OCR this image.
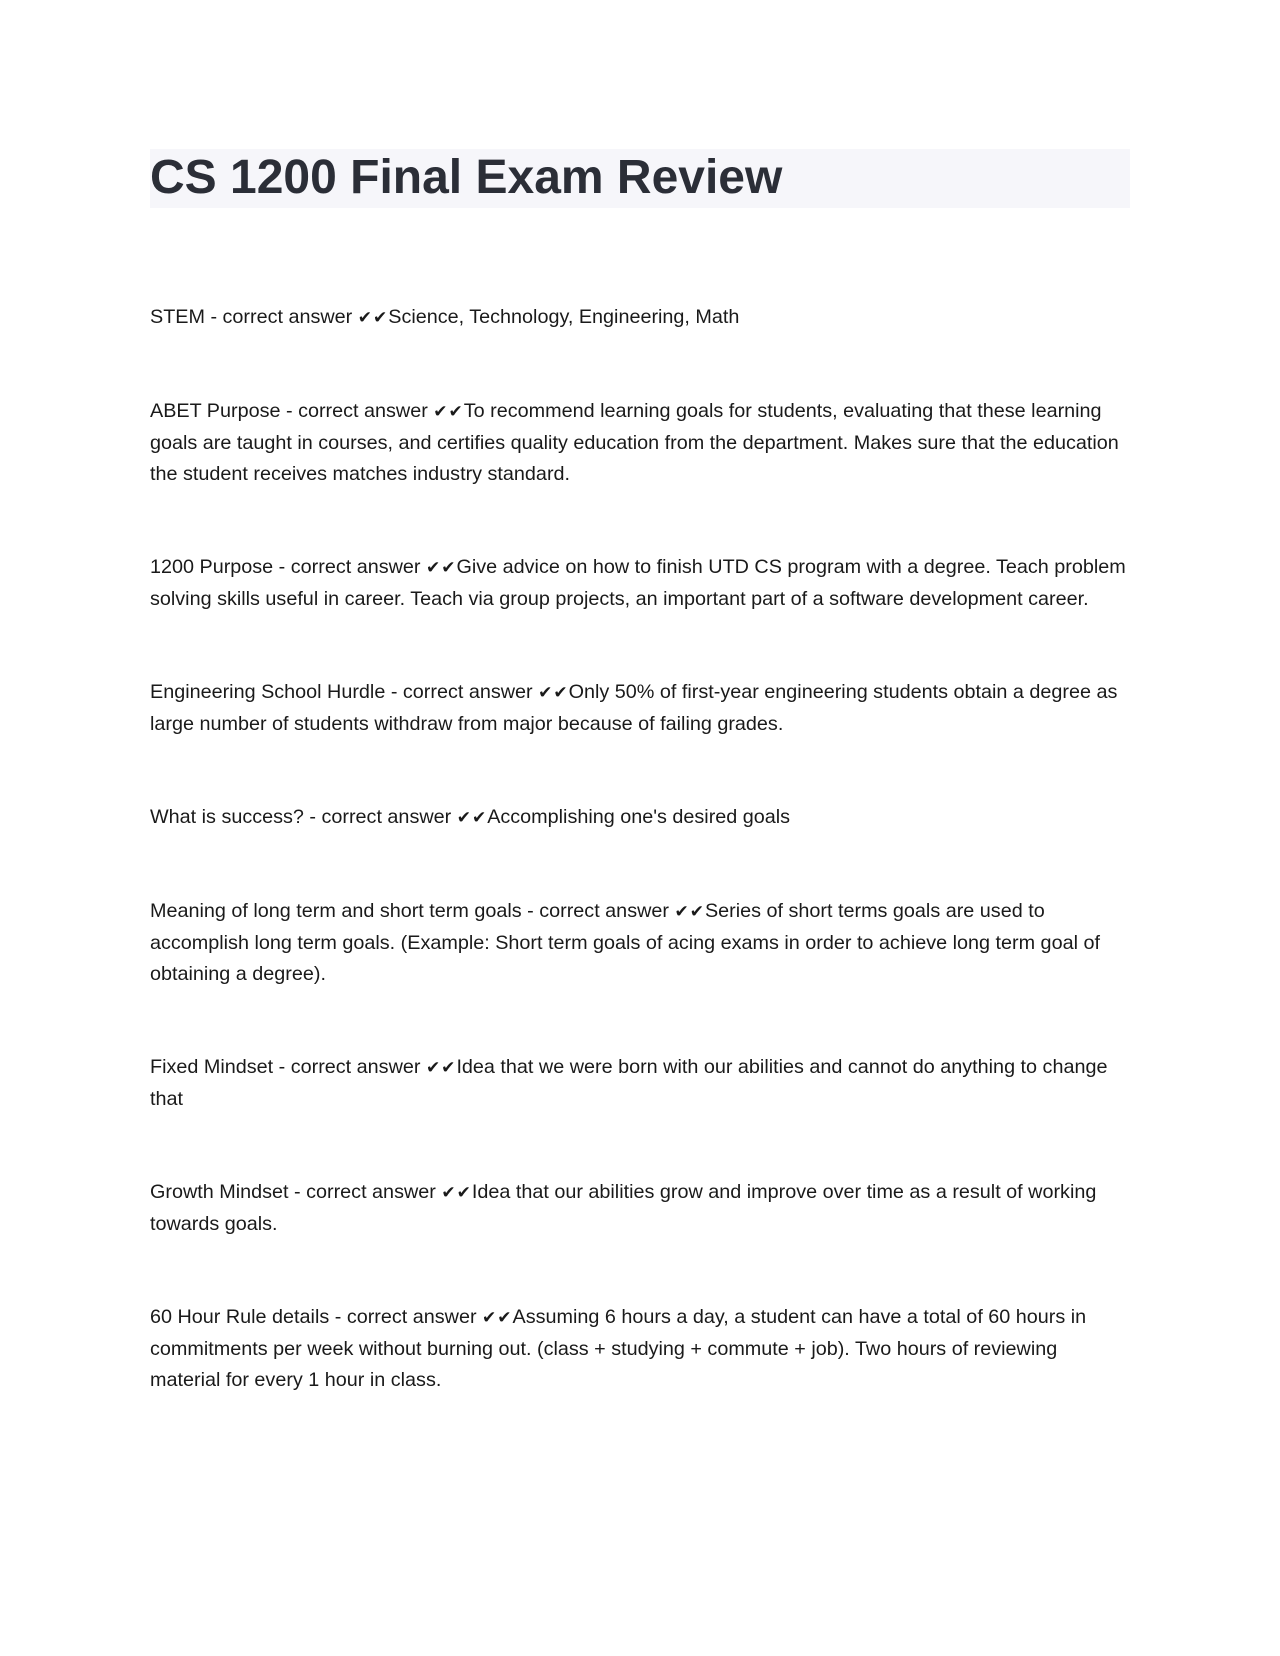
CS 1200 Final Exam Review

STEM - correct answer ✔✔Science, Technology, Engineering, Math

ABET Purpose - correct answer ✔✔To recommend learning goals for students, evaluating that these learning goals are taught in courses, and certifies quality education from the department. Makes sure that the education the student receives matches industry standard.

1200 Purpose - correct answer ✔✔Give advice on how to finish UTD CS program with a degree. Teach problem solving skills useful in career. Teach via group projects, an important part of a software development career.

Engineering School Hurdle - correct answer ✔✔Only 50% of first-year engineering students obtain a degree as large number of students withdraw from major because of failing grades.

What is success? - correct answer ✔✔Accomplishing one's desired goals

Meaning of long term and short term goals - correct answer ✔✔Series of short terms goals are used to accomplish long term goals. (Example: Short term goals of acing exams in order to achieve long term goal of obtaining a degree).

Fixed Mindset - correct answer ✔✔Idea that we were born with our abilities and cannot do anything to change that

Growth Mindset - correct answer ✔✔Idea that our abilities grow and improve over time as a result of working towards goals.

60 Hour Rule details - correct answer ✔✔Assuming 6 hours a day, a student can have a total of 60 hours in commitments per week without burning out. (class + studying + commute + job). Two hours of reviewing material for every 1 hour in class.
